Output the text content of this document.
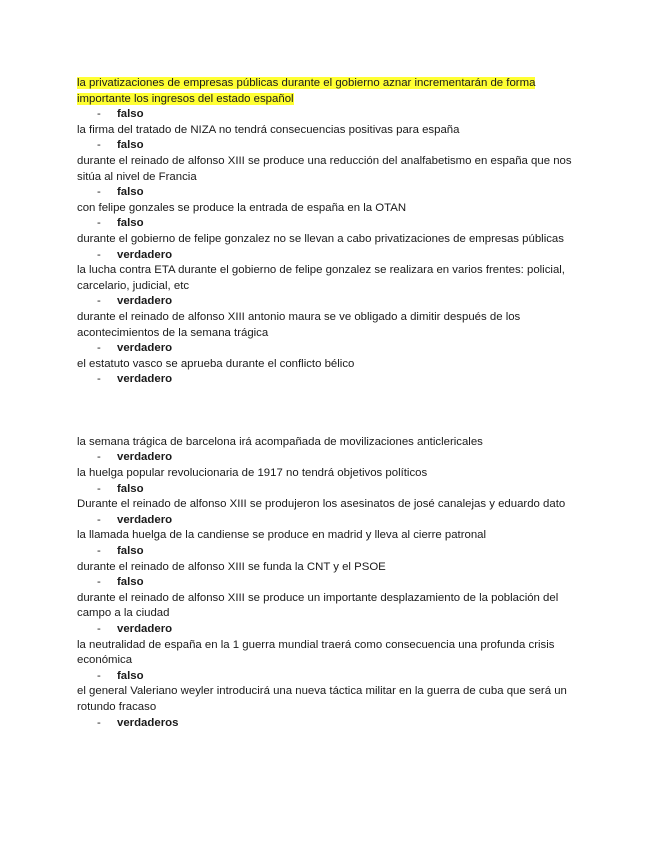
la privatizaciones de empresas públicas durante el gobierno aznar incrementarán de forma importante los ingresos del estado español
-	falso
la firma del tratado de NIZA no tendrá consecuencias positivas para españa
-	falso
durante el reinado de alfonso XIII se produce una reducción del analfabetismo en españa que nos sitúa al nivel de Francia
-	falso
con felipe gonzales se produce la entrada de españa en la OTAN
-	falso
durante el gobierno de felipe gonzalez no se llevan a cabo privatizaciones de empresas públicas
-	verdadero
la lucha contra ETA durante el gobierno de felipe gonzalez se realizara en varios frentes: policial, carcelario, judicial, etc
-	verdadero
durante el reinado de alfonso XIII antonio maura se ve obligado a dimitir después de los acontecimientos de la semana trágica
-	verdadero
el estatuto vasco se aprueba durante el conflicto bélico
-	verdadero
la semana trágica de barcelona irá acompañada de movilizaciones anticlericales
-	verdadero
la huelga popular revolucionaria de 1917 no tendrá objetivos políticos
-	falso
Durante el reinado de alfonso XIII se produjeron los asesinatos de josé canalejas y eduardo dato
-	verdadero
la llamada huelga de la candiense se produce en madrid y lleva al cierre patronal
-	falso
durante el reinado de alfonso XIII se funda la CNT y el PSOE
-	falso
durante el reinado de alfonso XIII se produce un importante desplazamiento de la población del campo a la ciudad
-	verdadero
la neutralidad de españa en la 1 guerra mundial traerá como consecuencia una profunda crisis económica
-	falso
el general Valeriano weyler introducirá una nueva táctica militar en la guerra de cuba que será un rotundo fracaso
-	verdaderos
